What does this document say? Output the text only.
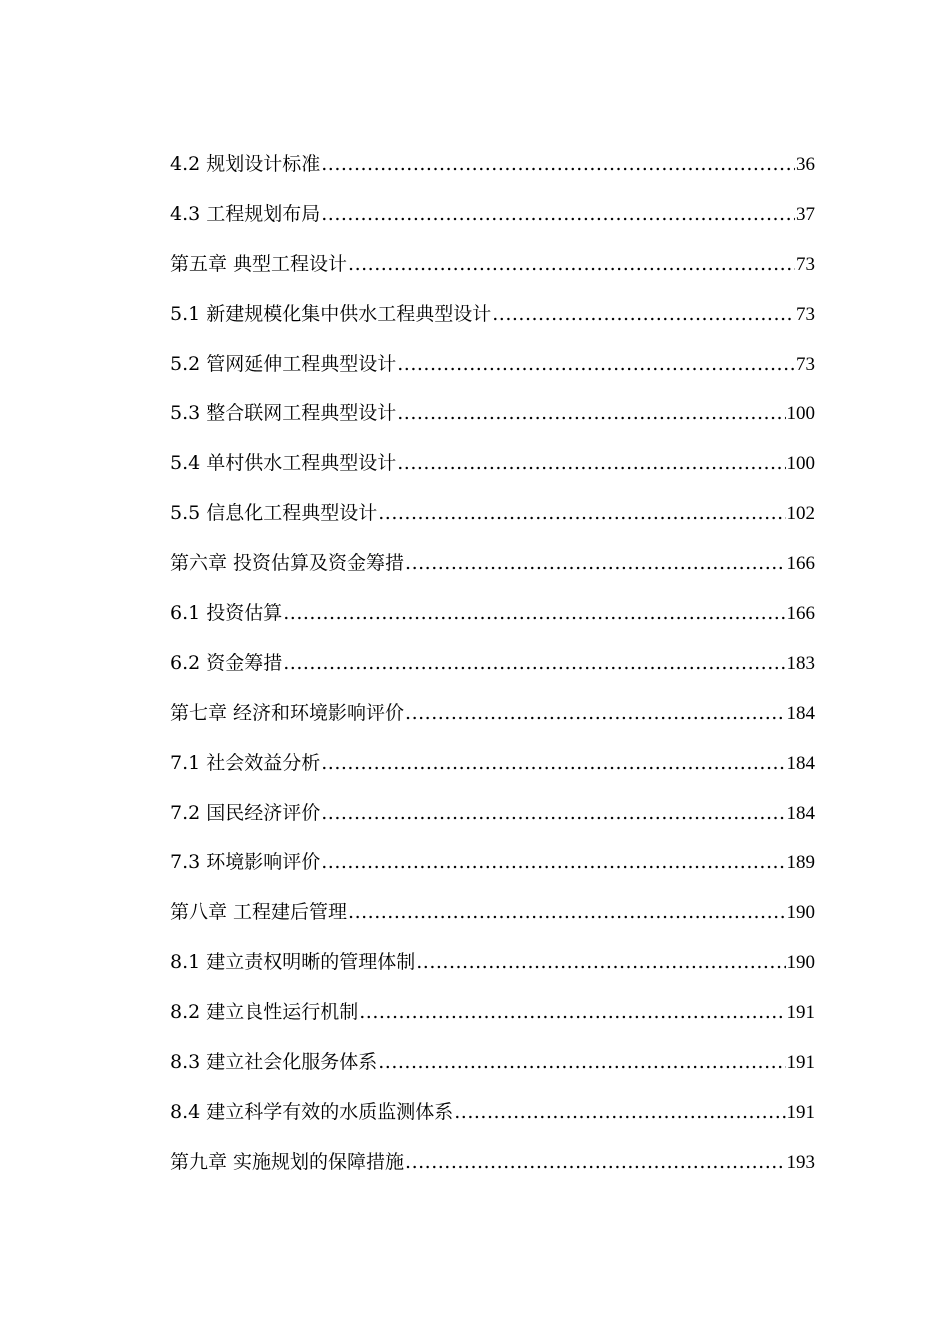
4.2 规划设计标准 .....	36
4.3 工程规划布局 .....	37
第五章 典型工程设计 .....	73
5.1 新建规模化集中供水工程典型设计 .....	73
5.2 管网延伸工程典型设计 .....	73
5.3 整合联网工程典型设计 .....	100
5.4 单村供水工程典型设计 .....	100
5.5 信息化工程典型设计 .....	102
第六章 投资估算及资金筹措 .....	166
6.1 投资估算 .....	166
6.2 资金筹措 .....	183
第七章 经济和环境影响评价 .....	184
7.1 社会效益分析 .....	184
7.2 国民经济评价 .....	184
7.3 环境影响评价 .....	189
第八章 工程建后管理 .....	190
8.1 建立责权明晰的管理体制 .....	190
8.2 建立良性运行机制 .....	191
8.3 建立社会化服务体系 .....	191
8.4 建立科学有效的水质监测体系 .....	191
第九章 实施规划的保障措施 .....	193
